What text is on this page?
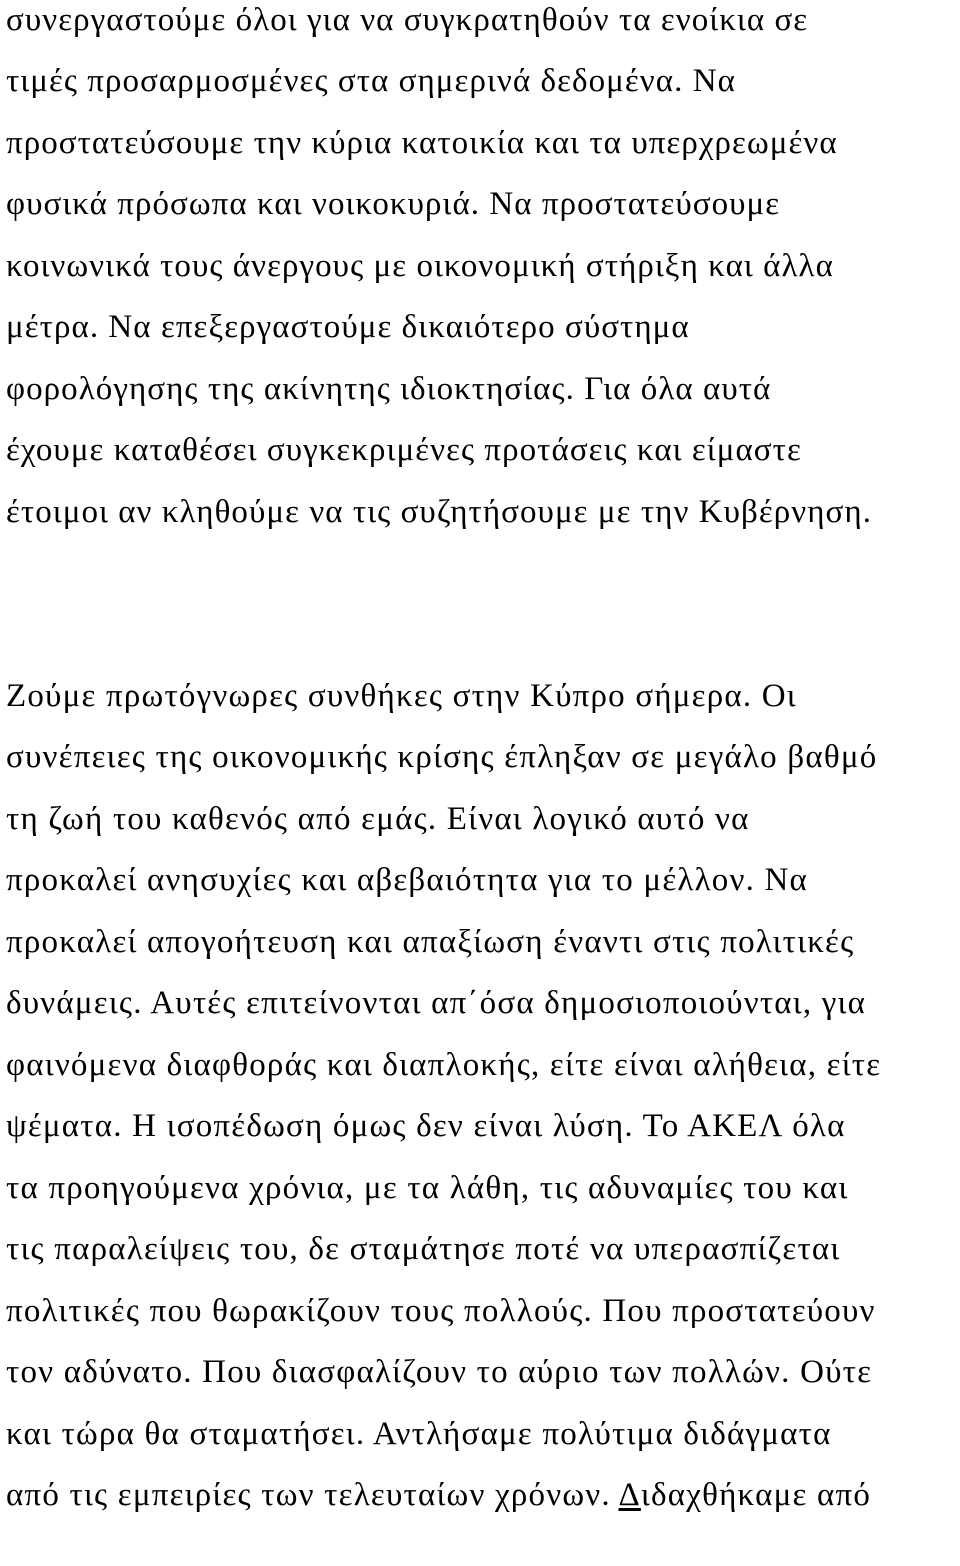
συνεργαστούμε όλοι για να συγκρατηθούν τα ενοίκια σε

τιμές προσαρμοσμένες στα σημερινά δεδομένα. Να

προστατεύσουμε την κύρια κατοικία και τα υπερχρεωμένα

φυσικά πρόσωπα και νοικοκυριά. Να προστατεύσουμε

κοινωνικά τους άνεργους με οικονομική στήριξη και άλλα

μέτρα. Να επεξεργαστούμε δικαιότερο σύστημα

φορολόγησης της ακίνητης ιδιοκτησίας. Για όλα αυτά

έχουμε καταθέσει συγκεκριμένες προτάσεις και είμαστε

έτοιμοι αν κληθούμε να τις συζητήσουμε με την Κυβέρνηση.

Ζούμε πρωτόγνωρες συνθήκες στην Κύπρο σήμερα. Οι

συνέπειες της οικονομικής κρίσης έπληξαν σε μεγάλο βαθμό

τη ζωή του καθενός από εμάς. Είναι λογικό αυτό να

προκαλεί ανησυχίες και αβεβαιότητα για το μέλλον. Να

προκαλεί απογοήτευση και απαξίωση έναντι στις πολιτικές

δυνάμεις. Αυτές επιτείνονται απ΄όσα δημοσιοποιούνται, για

φαινόμενα διαφθοράς και διαπλοκής, είτε είναι αλήθεια, είτε

ψέματα. Η ισοπέδωση όμως δεν είναι λύση. Το ΑΚΕΛ όλα

τα προηγούμενα χρόνια, με τα λάθη, τις αδυναμίες του και

τις παραλείψεις του, δε σταμάτησε ποτέ να υπερασπίζεται

πολιτικές που θωρακίζουν τους πολλούς. Που προστατεύουν

τον αδύνατο. Που διασφαλίζουν το αύριο των πολλών. Ούτε

και τώρα θα σταματήσει. Αντλήσαμε πολύτιμα διδάγματα

από τις εμπειρίες των τελευταίων χρόνων. Διδαχθήκαμε από
